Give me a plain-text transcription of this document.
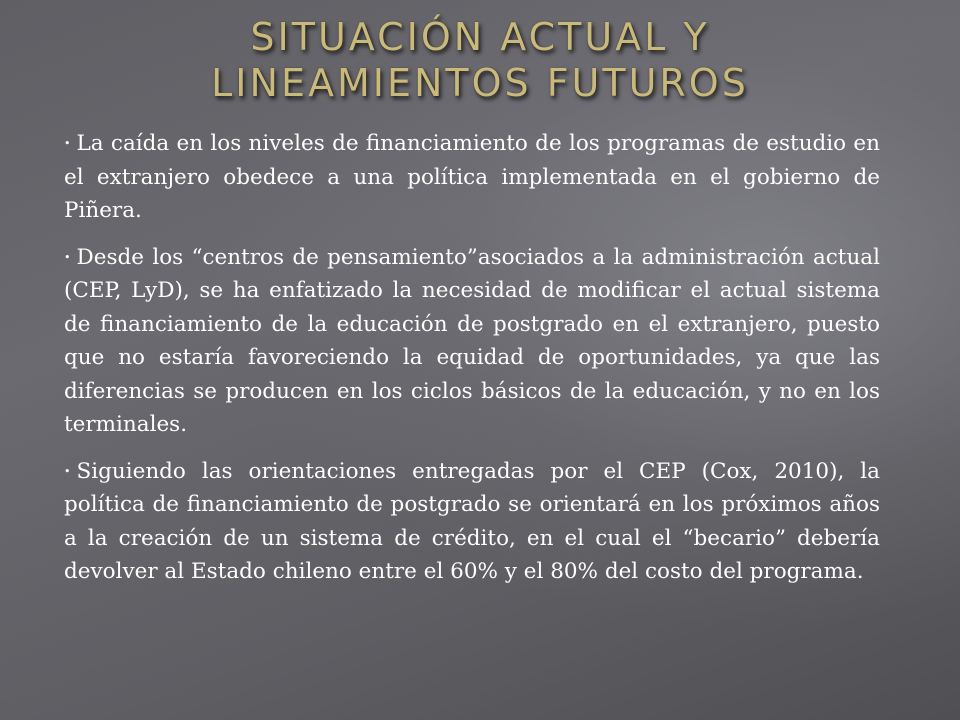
SITUACIÓN ACTUAL Y
LINEAMIENTOS FUTUROS

• La caída en los niveles de financiamiento de los programas de estudio en el extranjero obedece a una política implementada en el gobierno de Piñera.

• Desde los “centros de pensamiento”asociados a la administración actual (CEP, LyD), se ha enfatizado la necesidad de modificar el actual sistema de financiamiento de la educación de postgrado en el extranjero, puesto que no estaría favoreciendo la equidad de oportunidades, ya que las diferencias se producen en los ciclos básicos de la educación, y no en los terminales.

• Siguiendo las orientaciones entregadas por el CEP (Cox, 2010), la política de financiamiento de postgrado se orientará en los próximos años a la creación de un sistema de crédito, en el cual el “becario” debería devolver al Estado chileno entre el 60% y el 80% del costo del programa.
